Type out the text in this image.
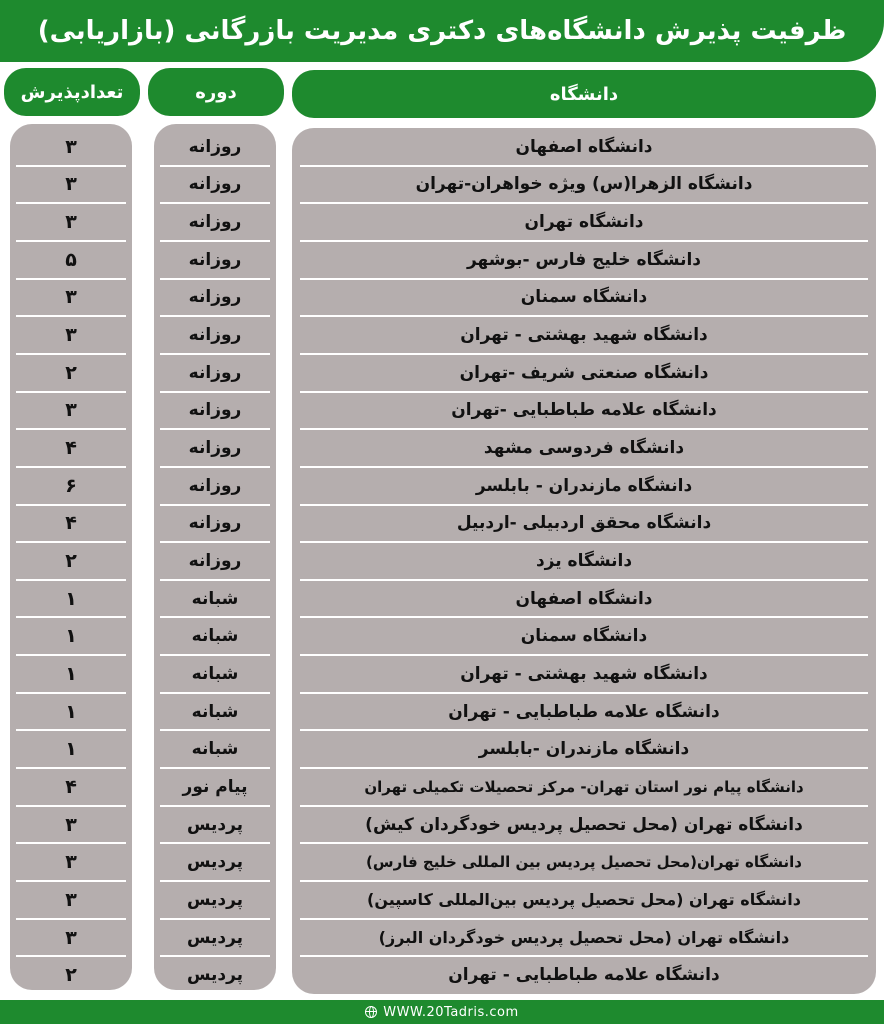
ظرفیت پذیرش دانشگاه‌های دکتری مدیریت بازرگانی (بازاریابی)
دانشگاه
دوره
تعدادپذیرش
دانشگاه اصفهان
روزانه
۳
دانشگاه الزهرا(س) ویژه خواهران-تهران
روزانه
۳
دانشگاه تهران
روزانه
۳
دانشگاه خلیج فارس -بوشهر
روزانه
۵
دانشگاه سمنان
روزانه
۳
دانشگاه شهید بهشتی - تهران
روزانه
۳
دانشگاه صنعتی شریف -تهران
روزانه
۲
دانشگاه علامه طباطبایی -تهران
روزانه
۳
دانشگاه فردوسی مشهد
روزانه
۴
دانشگاه مازندران - بابلسر
روزانه
۶
دانشگاه محقق اردبیلی -اردبیل
روزانه
۴
دانشگاه یزد
روزانه
۲
دانشگاه اصفهان
شبانه
۱
دانشگاه سمنان
شبانه
۱
دانشگاه شهید بهشتی - تهران
شبانه
۱
دانشگاه علامه طباطبایی - تهران
شبانه
۱
دانشگاه مازندران -بابلسر
شبانه
۱
دانشگاه پیام نور استان تهران- مرکز تحصیلات تکمیلی تهران
پیام نور
۴
دانشگاه تهران (محل تحصیل پردیس خودگردان کیش)
پردیس
۳
دانشگاه تهران(محل تحصیل پردیس بین المللی خلیج فارس)
پردیس
۳
دانشگاه تهران (محل تحصیل پردیس بین‌المللی کاسپین)
پردیس
۳
دانشگاه تهران (محل تحصیل پردیس خودگردان البرز)
پردیس
۳
دانشگاه علامه طباطبایی - تهران
پردیس
۲
WWW.20Tadris.com
